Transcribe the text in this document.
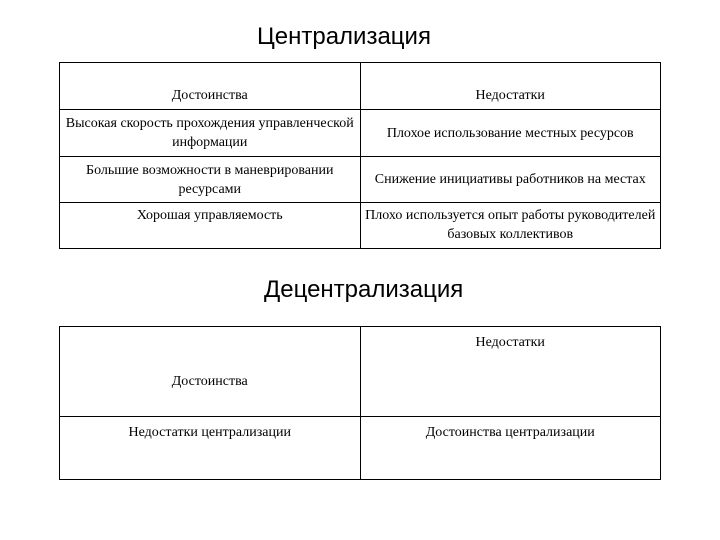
Централизация
Достоинства	Недостатки
Высокая скорость прохождения управленческой информации	Плохое использование местных ресурсов
Большие возможности в маневрировании ресурсами	Снижение инициативы работников на местах
Хорошая управляемость	Плохо используется опыт работы руководителей базовых коллективов
Децентрализация
Достоинства	Недостатки
Недостатки централизации	Достоинства централизации
